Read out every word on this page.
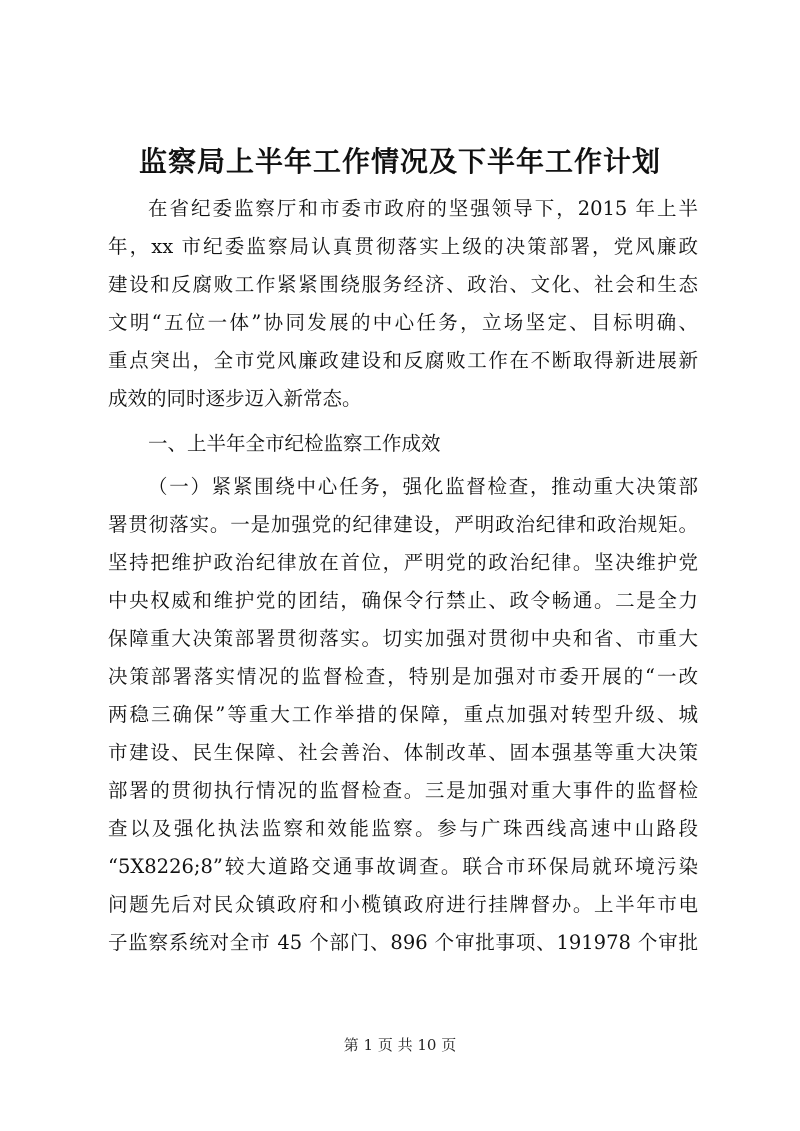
监察局上半年工作情况及下半年工作计划
在省纪委监察厅和市委市政府的坚强领导下，2015 年上半
年，xx 市纪委监察局认真贯彻落实上级的决策部署，党风廉政
建设和反腐败工作紧紧围绕服务经济、政治、文化、社会和生态
文明“五位一体”协同发展的中心任务，立场坚定、目标明确、
重点突出，全市党风廉政建设和反腐败工作在不断取得新进展新
成效的同时逐步迈入新常态。
一、上半年全市纪检监察工作成效
（一）紧紧围绕中心任务，强化监督检查，推动重大决策部
署贯彻落实。一是加强党的纪律建设，严明政治纪律和政治规矩。
坚持把维护政治纪律放在首位，严明党的政治纪律。坚决维护党
中央权威和维护党的团结，确保令行禁止、政令畅通。二是全力
保障重大决策部署贯彻落实。切实加强对贯彻中央和省、市重大
决策部署落实情况的监督检查，特别是加强对市委开展的“一改
两稳三确保”等重大工作举措的保障，重点加强对转型升级、城
市建设、民生保障、社会善治、体制改革、固本强基等重大决策
部署的贯彻执行情况的监督检查。三是加强对重大事件的监督检
查以及强化执法监察和效能监察。参与广珠西线高速中山路段
“5X8226;8”较大道路交通事故调查。联合市环保局就环境污染
问题先后对民众镇政府和小榄镇政府进行挂牌督办。上半年市电
子监察系统对全市 45 个部门、896 个审批事项、191978 个审批
第 1 页 共 10 页
